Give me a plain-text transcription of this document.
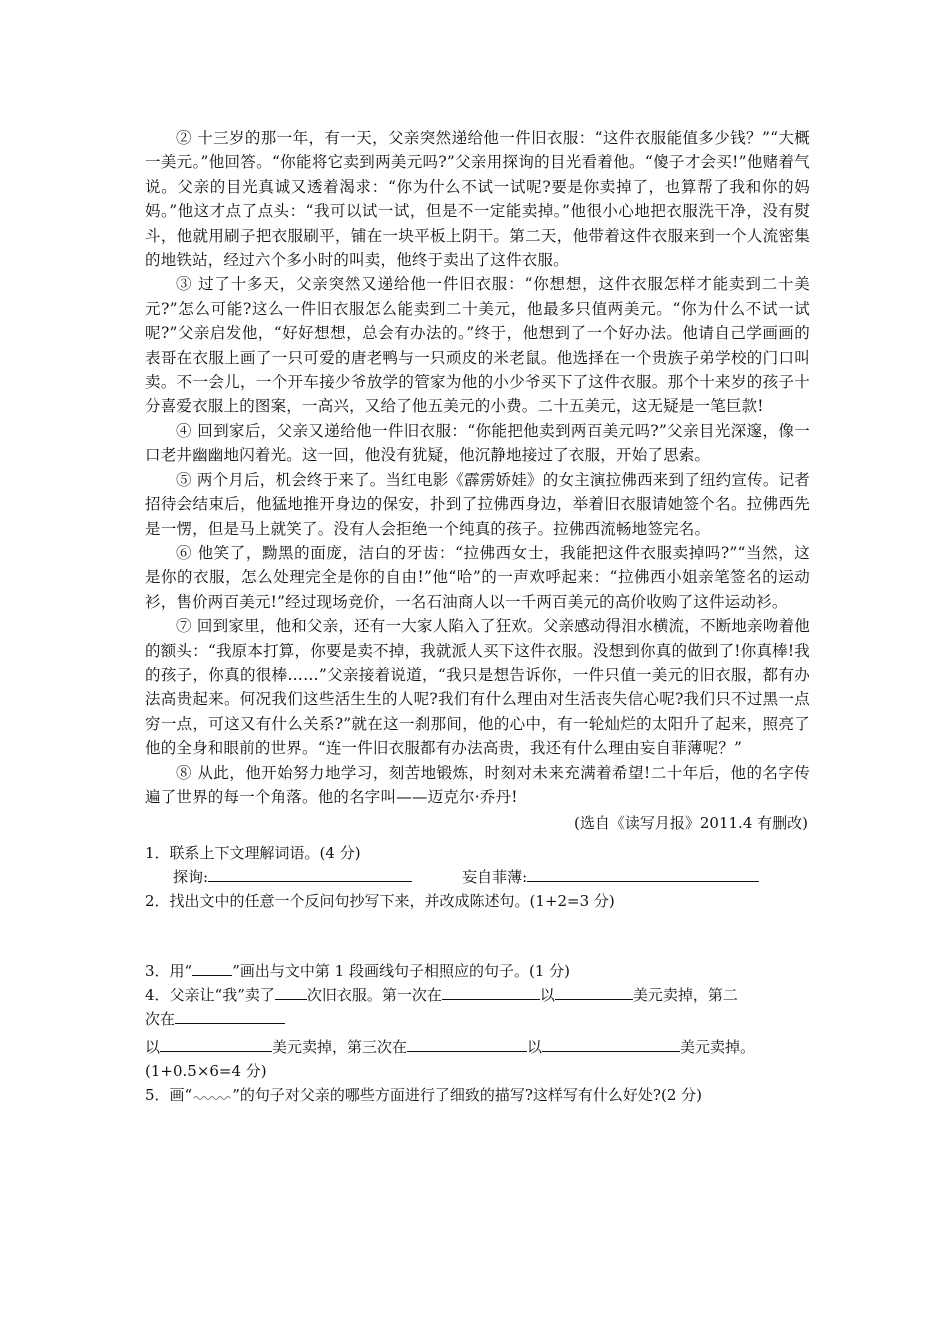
② 十三岁的那一年，有一天，父亲突然递给他一件旧衣服：“这件衣服能值多少钱？”“大概一美元。”他回答。“你能将它卖到两美元吗?”父亲用探询的目光看着他。“傻子才会买!”他赌着气说。父亲的目光真诚又透着渴求：“你为什么不试一试呢?要是你卖掉了，也算帮了我和你的妈妈。”他这才点了点头：“我可以试一试，但是不一定能卖掉。”他很小心地把衣服洗干净，没有熨斗，他就用刷子把衣服刷平，铺在一块平板上阴干。第二天，他带着这件衣服来到一个人流密集的地铁站，经过六个多小时的叫卖，他终于卖出了这件衣服。

③ 过了十多天，父亲突然又递给他一件旧衣服：“你想想，这件衣服怎样才能卖到二十美元?”怎么可能?这么一件旧衣服怎么能卖到二十美元，他最多只值两美元。“你为什么不试一试呢?”父亲启发他，“好好想想，总会有办法的。”终于，他想到了一个好办法。他请自己学画画的表哥在衣服上画了一只可爱的唐老鸭与一只顽皮的米老鼠。他选择在一个贵族子弟学校的门口叫卖。不一会儿，一个开车接少爷放学的管家为他的小少爷买下了这件衣服。那个十来岁的孩子十分喜爱衣服上的图案，一高兴，又给了他五美元的小费。二十五美元，这无疑是一笔巨款!

④ 回到家后，父亲又递给他一件旧衣服：“你能把他卖到两百美元吗?”父亲目光深邃，像一口老井幽幽地闪着光。这一回，他没有犹疑，他沉静地接过了衣服，开始了思索。

⑤ 两个月后，机会终于来了。当红电影《霹雳娇娃》的女主演拉佛西来到了纽约宣传。记者招待会结束后，他猛地推开身边的保安，扑到了拉佛西身边，举着旧衣服请她签个名。拉佛西先是一愣，但是马上就笑了。没有人会拒绝一个纯真的孩子。拉佛西流畅地签完名。

⑥ 他笑了，黝黑的面庞，洁白的牙齿：“拉佛西女士，我能把这件衣服卖掉吗?”“当然，这是你的衣服，怎么处理完全是你的自由!”他“哈”的一声欢呼起来：“拉佛西小姐亲笔签名的运动衫，售价两百美元!”经过现场竞价，一名石油商人以一千两百美元的高价收购了这件运动衫。

⑦ 回到家里，他和父亲，还有一大家人陷入了狂欢。父亲感动得泪水横流，不断地亲吻着他的额头：“我原本打算，你要是卖不掉，我就派人买下这件衣服。没想到你真的做到了!你真棒!我的孩子，你真的很棒……”父亲接着说道，“我只是想告诉你，一件只值一美元的旧衣服，都有办法高贵起来。何况我们这些活生生的人呢?我们有什么理由对生活丧失信心呢?我们只不过黑一点穷一点，可这又有什么关系?”就在这一刹那间，他的心中，有一轮灿烂的太阳升了起来，照亮了他的全身和眼前的世界。“连一件旧衣服都有办法高贵，我还有什么理由妄自菲薄呢？”

⑧ 从此，他开始努力地学习，刻苦地锻炼，时刻对未来充满着希望!二十年后，他的名字传遍了世界的每一个角落。他的名字叫——迈克尔·乔丹!

(选自《读写月报》2011.4 有删改)

1．联系上下文理解词语。(4 分)

探询:	妄自菲薄:

2．找出文中的任意一个反问句抄写下来，并改成陈述句。(1+2=3 分)

3．用“	”画出与文中第 1 段画线句子相照应的句子。(1 分)

4．父亲让“我”卖了 次旧衣服。第一次在	以	美元卖掉，第二

次在

以	美元卖掉，第三次在	以	美元卖掉。

(1+0.5×6=4 分)

5．画“	”的句子对父亲的哪些方面进行了细致的描写?这样写有什么好处?(2 分)
